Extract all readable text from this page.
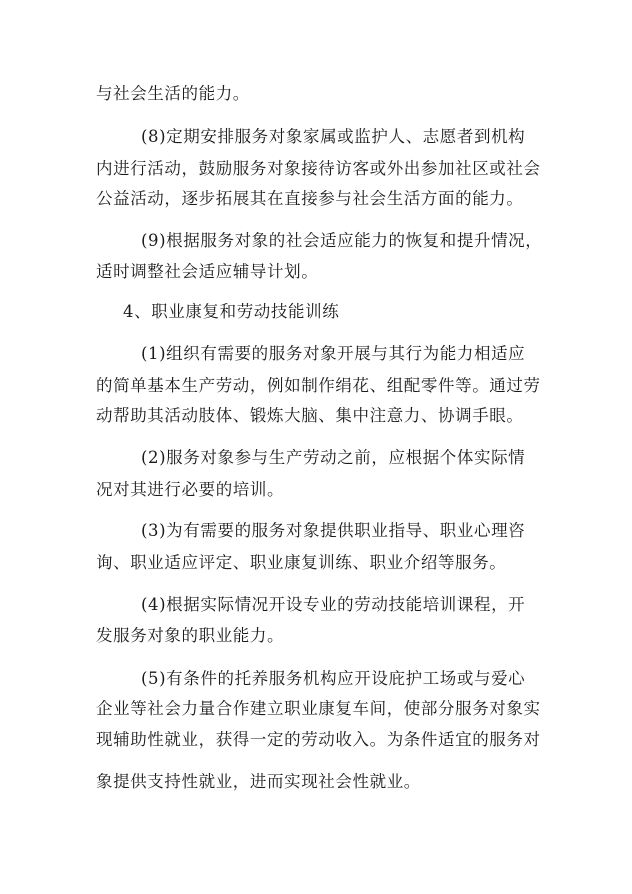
与社会生活的能力。
(8)定期安排服务对象家属或监护人、志愿者到机构
内进行活动，鼓励服务对象接待访客或外出参加社区或社会
公益活动，逐步拓展其在直接参与社会生活方面的能力。
(9)根据服务对象的社会适应能力的恢复和提升情况，
适时调整社会适应辅导计划。
4、职业康复和劳动技能训练
(1)组织有需要的服务对象开展与其行为能力相适应
的简单基本生产劳动，例如制作绢花、组配零件等。通过劳
动帮助其活动肢体、锻炼大脑、集中注意力、协调手眼。
(2)服务对象参与生产劳动之前，应根据个体实际情
况对其进行必要的培训。
(3)为有需要的服务对象提供职业指导、职业心理咨
询、职业适应评定、职业康复训练、职业介绍等服务。
(4)根据实际情况开设专业的劳动技能培训课程，开
发服务对象的职业能力。
(5)有条件的托养服务机构应开设庇护工场或与爱心
企业等社会力量合作建立职业康复车间，使部分服务对象实
现辅助性就业，获得一定的劳动收入。为条件适宜的服务对
象提供支持性就业，进而实现社会性就业。
